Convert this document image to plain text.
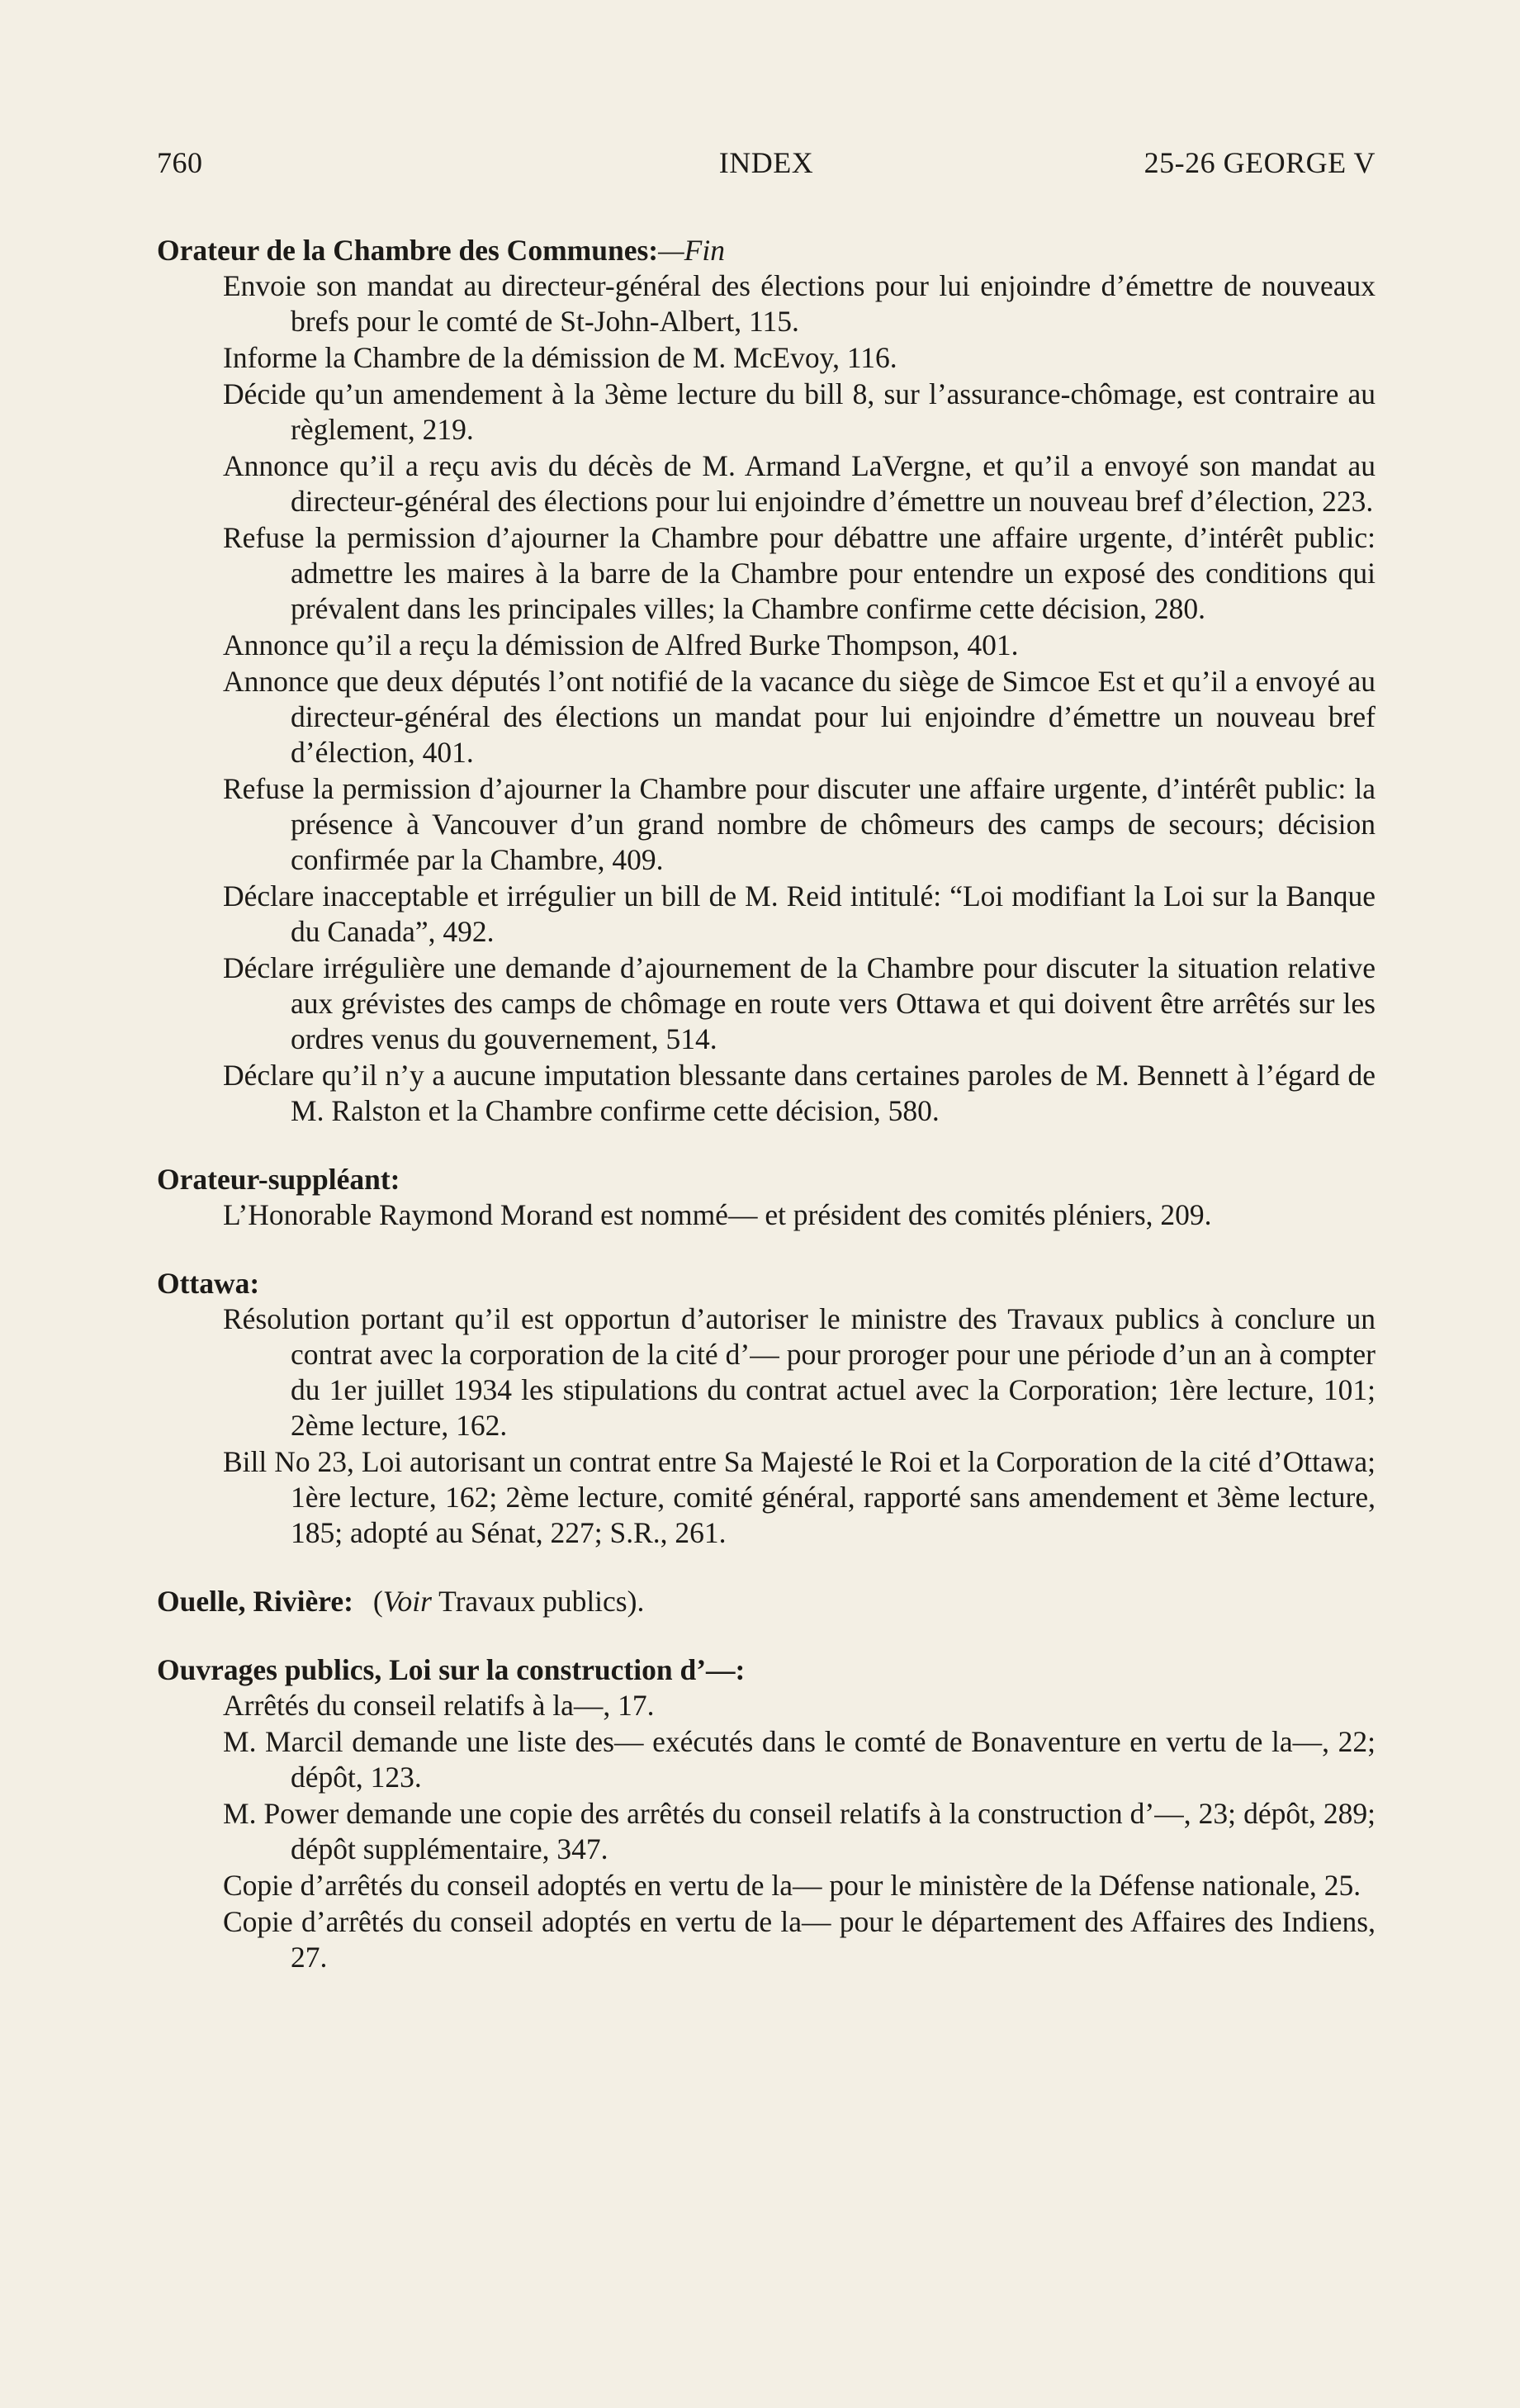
760	INDEX	25-26 GEORGE V

Orateur de la Chambre des Communes:—Fin

Envoie son mandat au directeur-général des élections pour lui enjoindre d’émettre de nouveaux brefs pour le comté de St-John-Albert, 115.

Informe la Chambre de la démission de M. McEvoy, 116.

Décide qu’un amendement à la 3ème lecture du bill 8, sur l’assurance-chômage, est contraire au règlement, 219.

Annonce qu’il a reçu avis du décès de M. Armand LaVergne, et qu’il a envoyé son mandat au directeur-général des élections pour lui enjoindre d’émettre un nouveau bref d’élection, 223.

Refuse la permission d’ajourner la Chambre pour débattre une affaire urgente, d’intérêt public: admettre les maires à la barre de la Chambre pour entendre un exposé des conditions qui prévalent dans les principales villes; la Chambre confirme cette décision, 280.

Annonce qu’il a reçu la démission de Alfred Burke Thompson, 401.

Annonce que deux députés l’ont notifié de la vacance du siège de Simcoe Est et qu’il a envoyé au directeur-général des élections un mandat pour lui enjoindre d’émettre un nouveau bref d’élection, 401.

Refuse la permission d’ajourner la Chambre pour discuter une affaire urgente, d’intérêt public: la présence à Vancouver d’un grand nombre de chômeurs des camps de secours; décision confirmée par la Chambre, 409.

Déclare inacceptable et irrégulier un bill de M. Reid intitulé: “Loi modifiant la Loi sur la Banque du Canada”, 492.

Déclare irrégulière une demande d’ajournement de la Chambre pour discuter la situation relative aux grévistes des camps de chômage en route vers Ottawa et qui doivent être arrêtés sur les ordres venus du gouvernement, 514.

Déclare qu’il n’y a aucune imputation blessante dans certaines paroles de M. Bennett à l’égard de M. Ralston et la Chambre confirme cette décision, 580.

Orateur-suppléant:

L’Honorable Raymond Morand est nommé— et président des comités pléniers, 209.

Ottawa:

Résolution portant qu’il est opportun d’autoriser le ministre des Travaux publics à conclure un contrat avec la corporation de la cité d’— pour proroger pour une période d’un an à compter du 1er juillet 1934 les stipulations du contrat actuel avec la Corporation; 1ère lecture, 101; 2ème lecture, 162.

Bill No 23, Loi autorisant un contrat entre Sa Majesté le Roi et la Corporation de la cité d’Ottawa; 1ère lecture, 162; 2ème lecture, comité général, rapporté sans amendement et 3ème lecture, 185; adopté au Sénat, 227; S.R., 261.

Ouelle, Rivière: (Voir Travaux publics).

Ouvrages publics, Loi sur la construction d’—:

Arrêtés du conseil relatifs à la—, 17.

M. Marcil demande une liste des— exécutés dans le comté de Bonaventure en vertu de la—, 22; dépôt, 123.

M. Power demande une copie des arrêtés du conseil relatifs à la construction d’—, 23; dépôt, 289; dépôt supplémentaire, 347.

Copie d’arrêtés du conseil adoptés en vertu de la— pour le ministère de la Défense nationale, 25.

Copie d’arrêtés du conseil adoptés en vertu de la— pour le département des Affaires des Indiens, 27.
